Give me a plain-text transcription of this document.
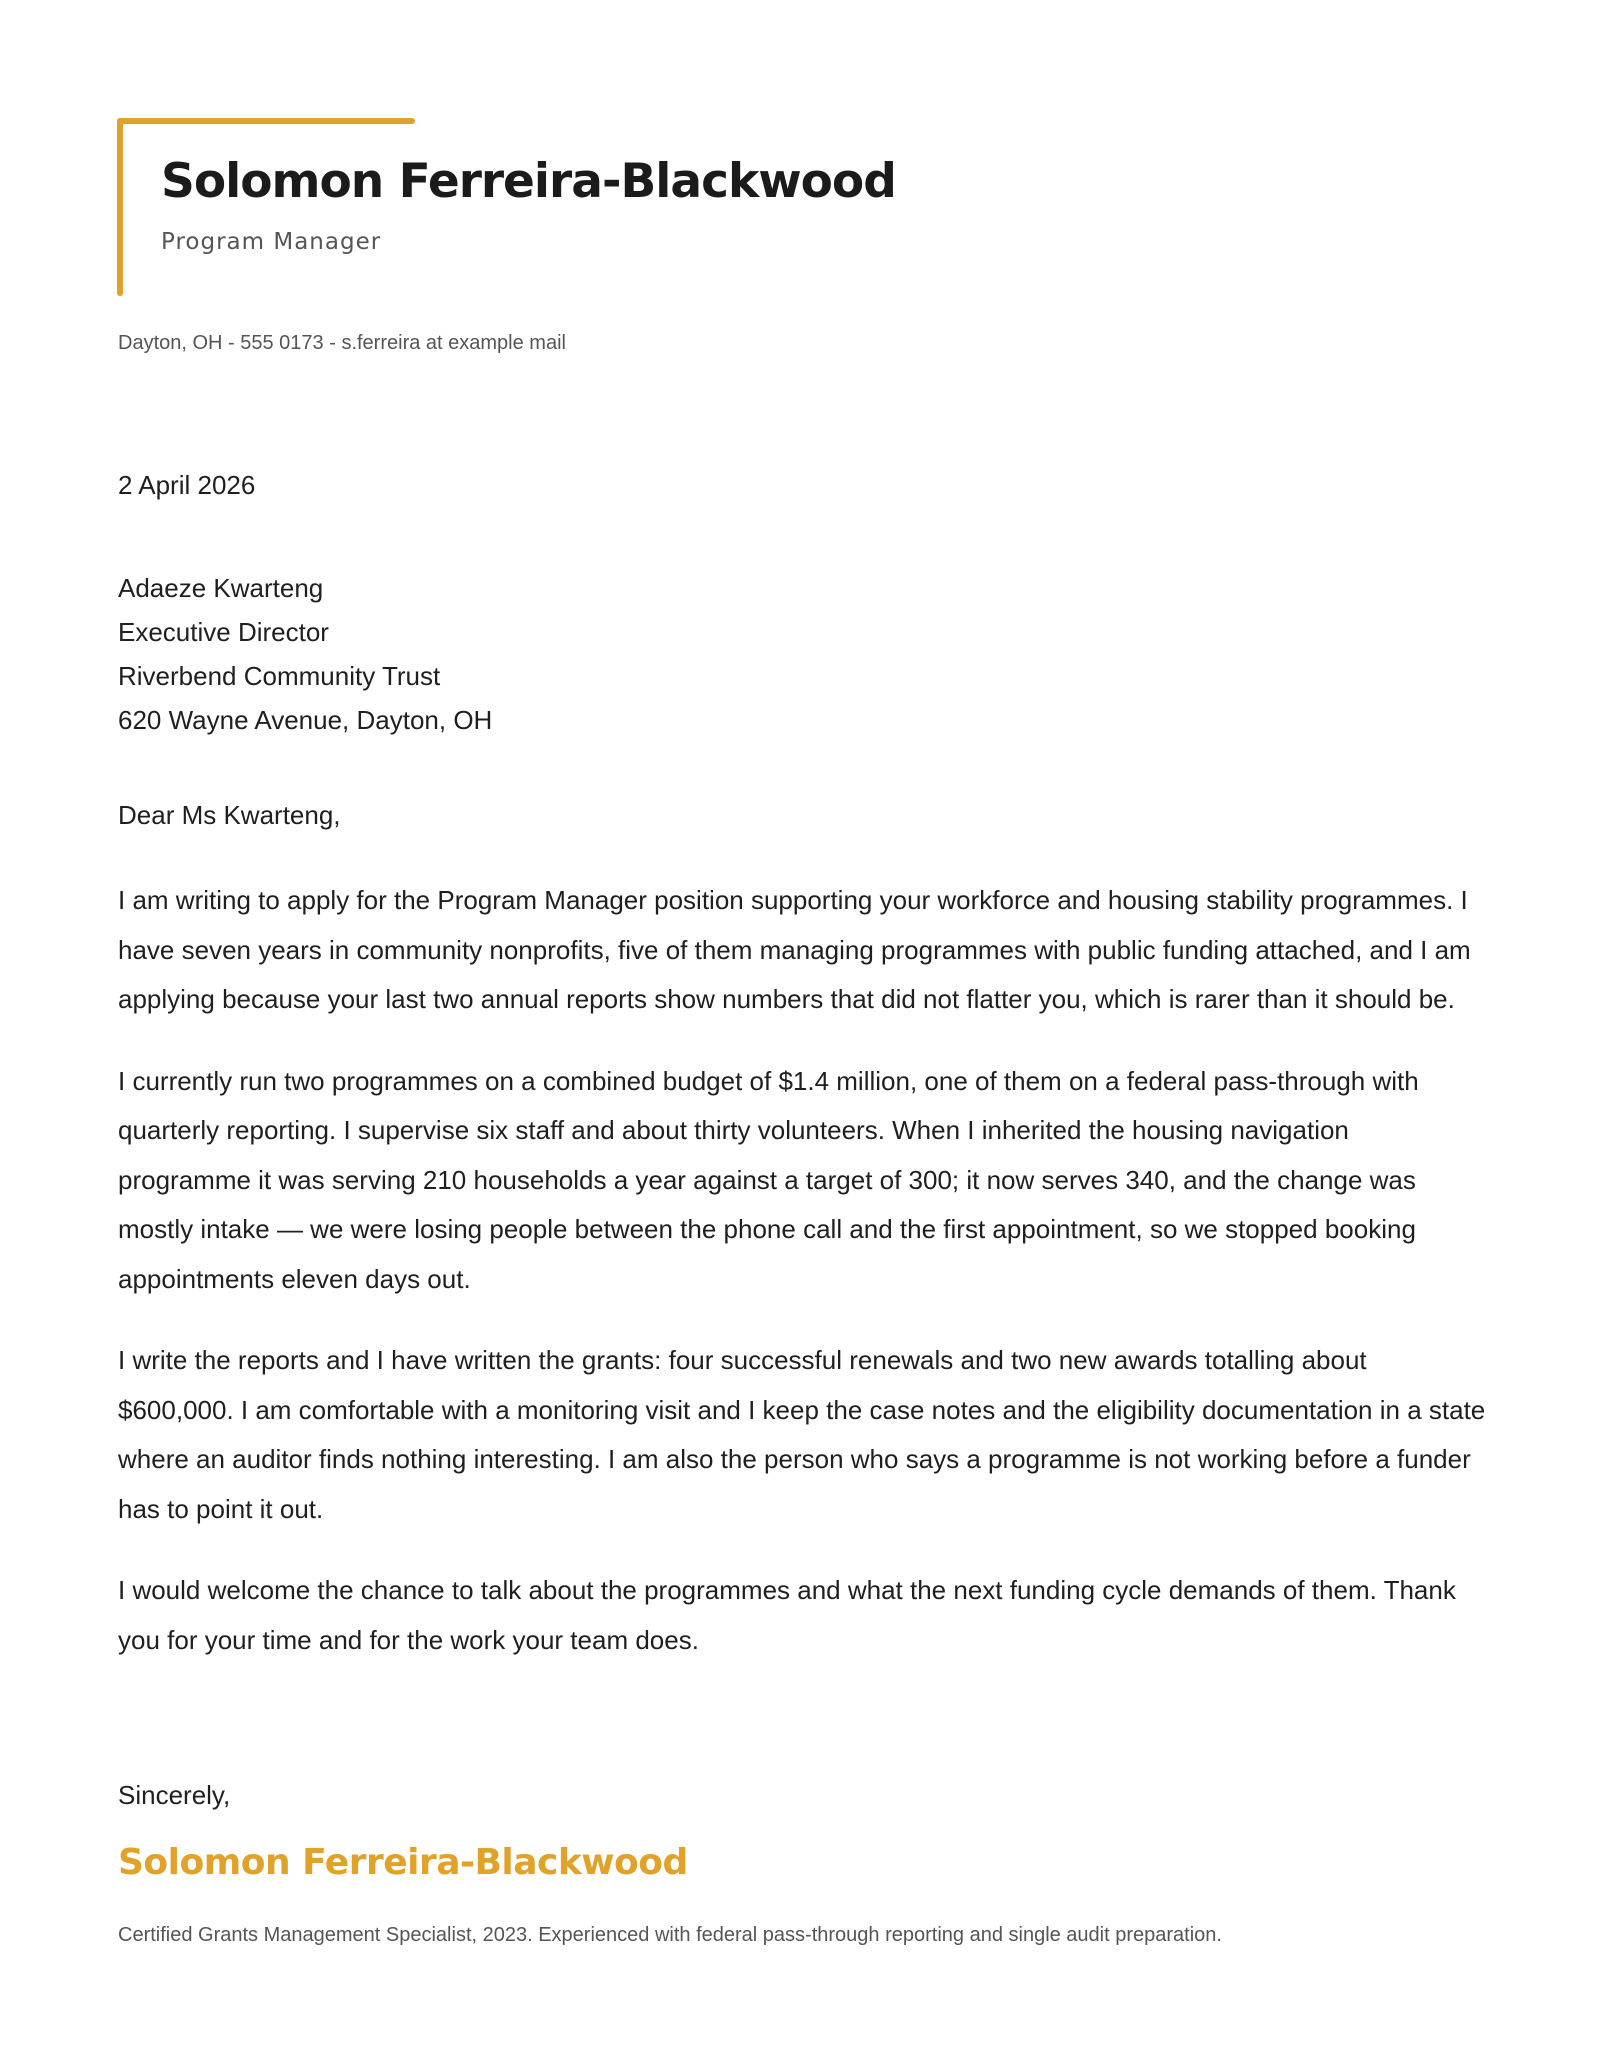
Solomon Ferreira-Blackwood
Program Manager
Dayton, OH - 555 0173 - s.ferreira at example mail
2 April 2026
Adaeze Kwarteng
Executive Director
Riverbend Community Trust
620 Wayne Avenue, Dayton, OH
Dear Ms Kwarteng,

I am writing to apply for the Program Manager position supporting your workforce and housing stability programmes. I have seven years in community nonprofits, five of them managing programmes with public funding attached, and I am applying because your last two annual reports show numbers that did not flatter you, which is rarer than it should be.

I currently run two programmes on a combined budget of $1.4 million, one of them on a federal pass-through with quarterly reporting. I supervise six staff and about thirty volunteers. When I inherited the housing navigation programme it was serving 210 households a year against a target of 300; it now serves 340, and the change was mostly intake — we were losing people between the phone call and the first appointment, so we stopped booking appointments eleven days out.

I write the reports and I have written the grants: four successful renewals and two new awards totalling about $600,000. I am comfortable with a monitoring visit and I keep the case notes and the eligibility documentation in a state where an auditor finds nothing interesting. I am also the person who says a programme is not working before a funder has to point it out.

I would welcome the chance to talk about the programmes and what the next funding cycle demands of them. Thank you for your time and for the work your team does.

Sincerely,
Solomon Ferreira-Blackwood
Certified Grants Management Specialist, 2023. Experienced with federal pass-through reporting and single audit preparation.
